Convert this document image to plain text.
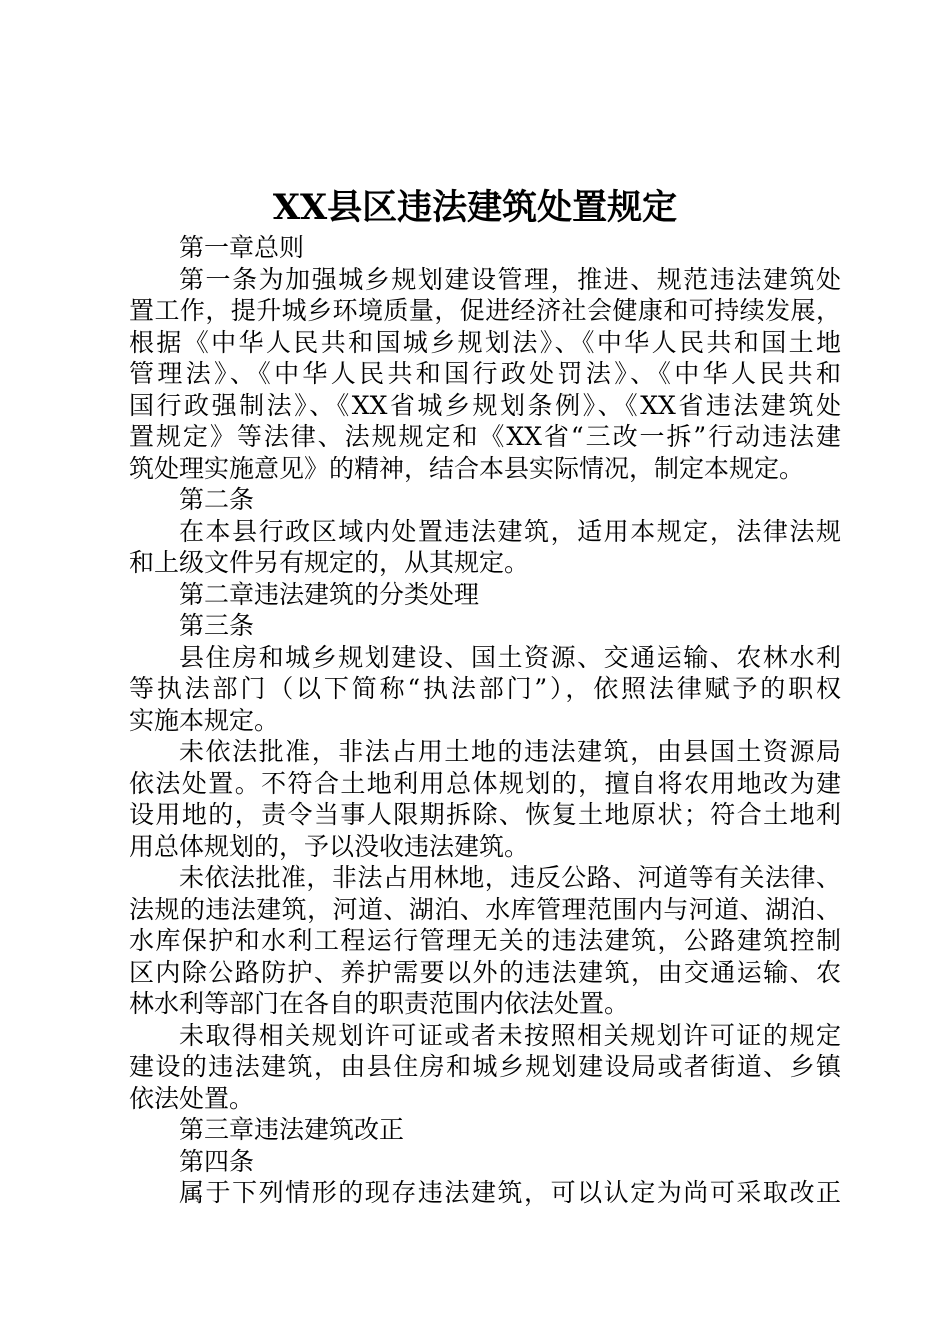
XX县区违法建筑处置规定
第一章总则
第一条为加强城乡规划建设管理，推进、规范违法建筑处
置工作，提升城乡环境质量，促进经济社会健康和可持续发展，
根据《中华人民共和国城乡规划法》、《中华人民共和国土地
管理法》、《中华人民共和国行政处罚法》、《中华人民共和
国行政强制法》、《XX省城乡规划条例》、《XX省违法建筑处
置规定》等法律、法规规定和《XX省“三改一拆”行动违法建
筑处理实施意见》的精神，结合本县实际情况，制定本规定。
第二条
在本县行政区域内处置违法建筑，适用本规定，法律法规
和上级文件另有规定的，从其规定。
第二章违法建筑的分类处理
第三条
县住房和城乡规划建设、国土资源、交通运输、农林水利
等执法部门（以下简称“执法部门”），依照法律赋予的职权
实施本规定。
未依法批准，非法占用土地的违法建筑，由县国土资源局
依法处置。不符合土地利用总体规划的，擅自将农用地改为建
设用地的，责令当事人限期拆除、恢复土地原状；符合土地利
用总体规划的，予以没收违法建筑。
未依法批准，非法占用林地，违反公路、河道等有关法律、
法规的违法建筑，河道、湖泊、水库管理范围内与河道、湖泊、
水库保护和水利工程运行管理无关的违法建筑，公路建筑控制
区内除公路防护、养护需要以外的违法建筑，由交通运输、农
林水利等部门在各自的职责范围内依法处置。
未取得相关规划许可证或者未按照相关规划许可证的规定
建设的违法建筑，由县住房和城乡规划建设局或者街道、乡镇
依法处置。
第三章违法建筑改正
第四条
属于下列情形的现存违法建筑，可以认定为尚可采取改正
